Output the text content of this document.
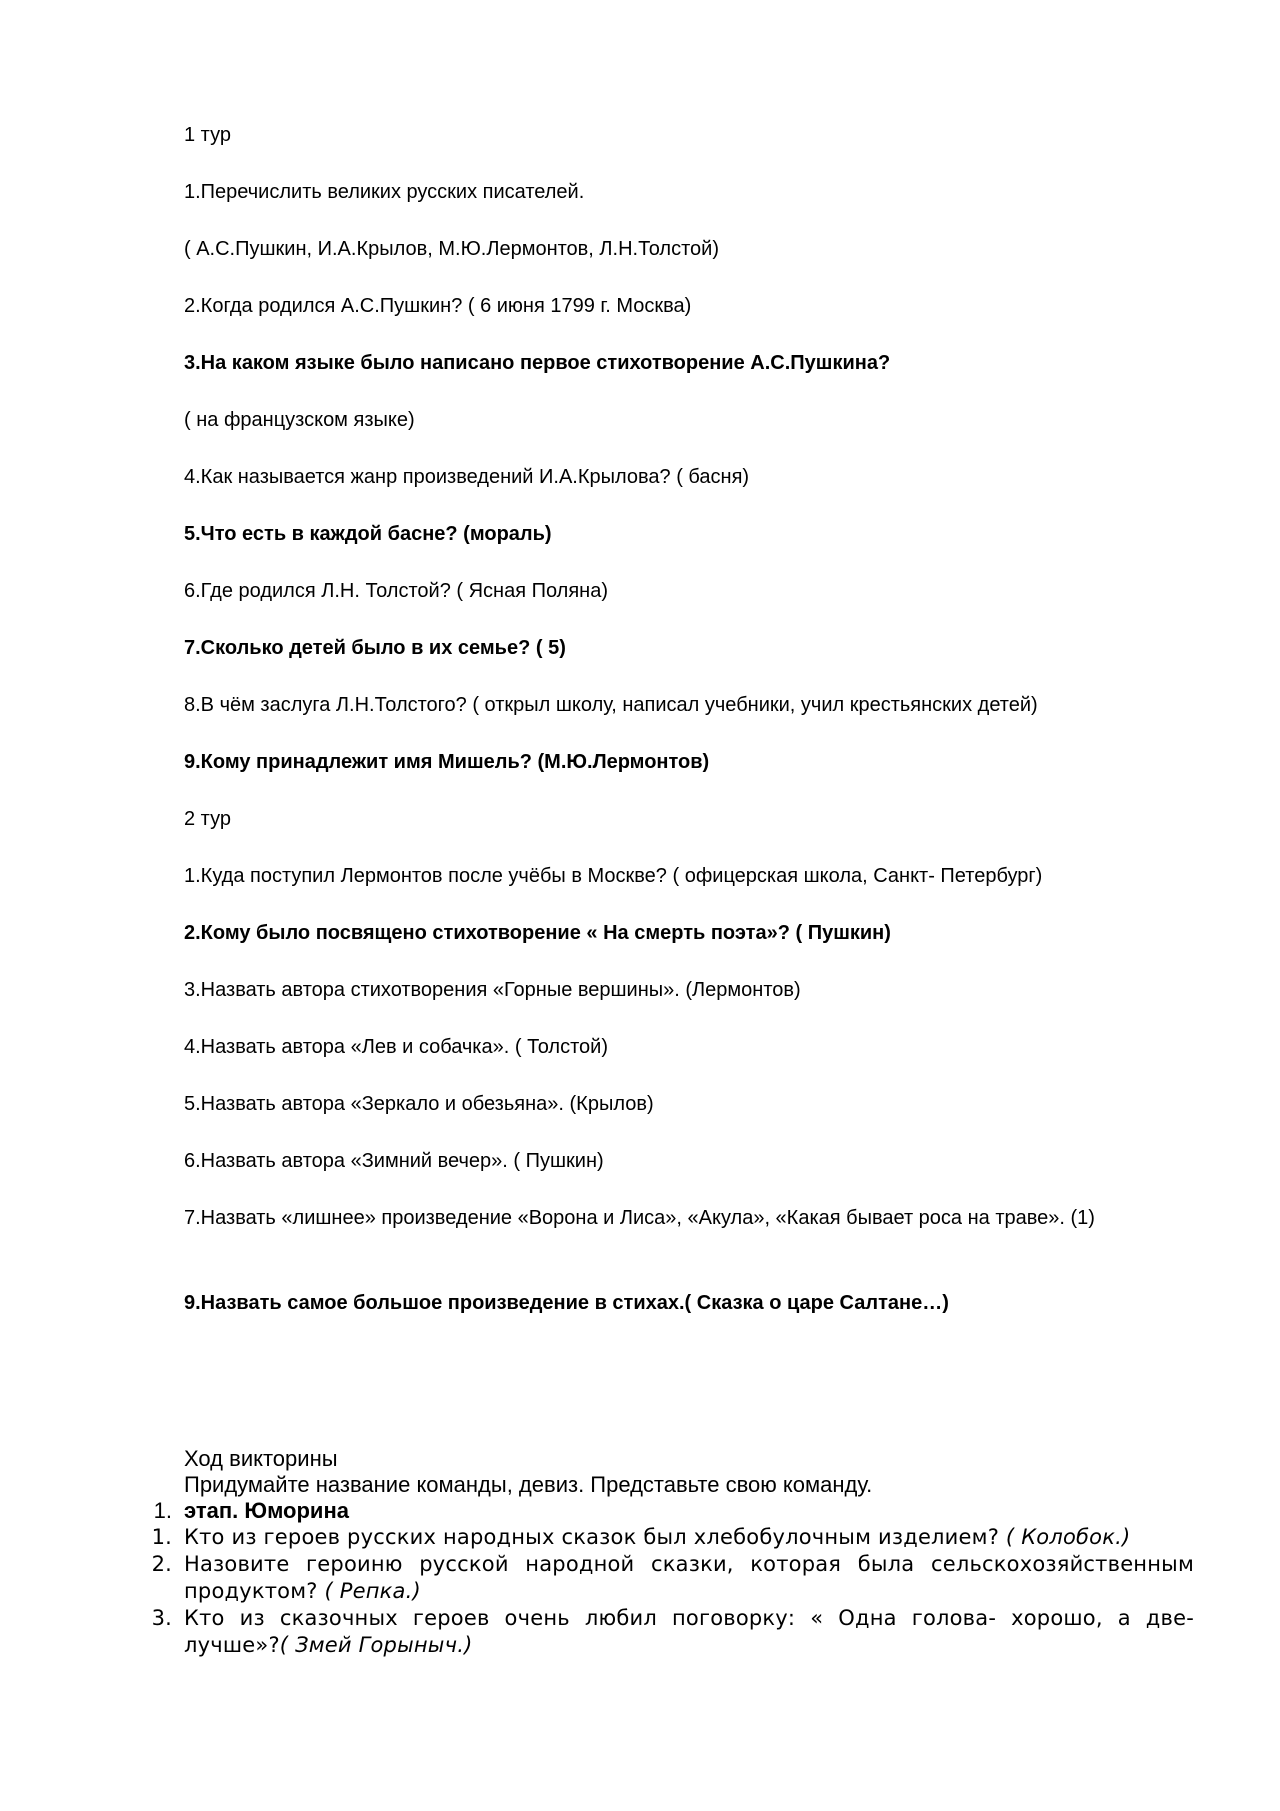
1 тур
1.Перечислить великих русских писателей.
( А.С.Пушкин, И.А.Крылов, М.Ю.Лермонтов, Л.Н.Толстой)
2.Когда родился А.С.Пушкин? ( 6 июня 1799 г. Москва)
3.На каком языке было написано первое стихотворение А.С.Пушкина?
( на французском языке)
4.Как называется жанр произведений И.А.Крылова? ( басня)
5.Что есть в каждой басне? (мораль)
6.Где родился Л.Н. Толстой? ( Ясная Поляна)
7.Сколько детей было в их семье? ( 5)
8.В чём заслуга Л.Н.Толстого? ( открыл школу, написал учебники, учил крестьянских детей)
9.Кому принадлежит имя Мишель? (М.Ю.Лермонтов)
2 тур
1.Куда поступил Лермонтов после учёбы в Москве? ( офицерская школа, Санкт- Петербург)
2.Кому было посвящено стихотворение « На смерть поэта»? ( Пушкин)
3.Назвать автора стихотворения «Горные вершины». (Лермонтов)
4.Назвать автора «Лев и собачка». ( Толстой)
5.Назвать автора «Зеркало и обезьяна». (Крылов)
6.Назвать автора «Зимний вечер». ( Пушкин)
7.Назвать «лишнее» произведение «Ворона и Лиса», «Акула», «Какая бывает роса на траве». (1)
9.Назвать самое большое произведение в стихах.( Сказка о царе Салтане…)
Ход викторины
Придумайте название команды, девиз. Представьте свою команду.
1. этап. Юморина
1. Кто из героев русских народных сказок был хлебобулочным изделием? ( Колобок.)
2. Назовите героиню русской народной сказки, которая была сельскохозяйственным продуктом? ( Репка.)
3. Кто из сказочных героев очень любил поговорку: « Одна голова- хорошо, а две- лучше»?( Змей Горыныч.)
